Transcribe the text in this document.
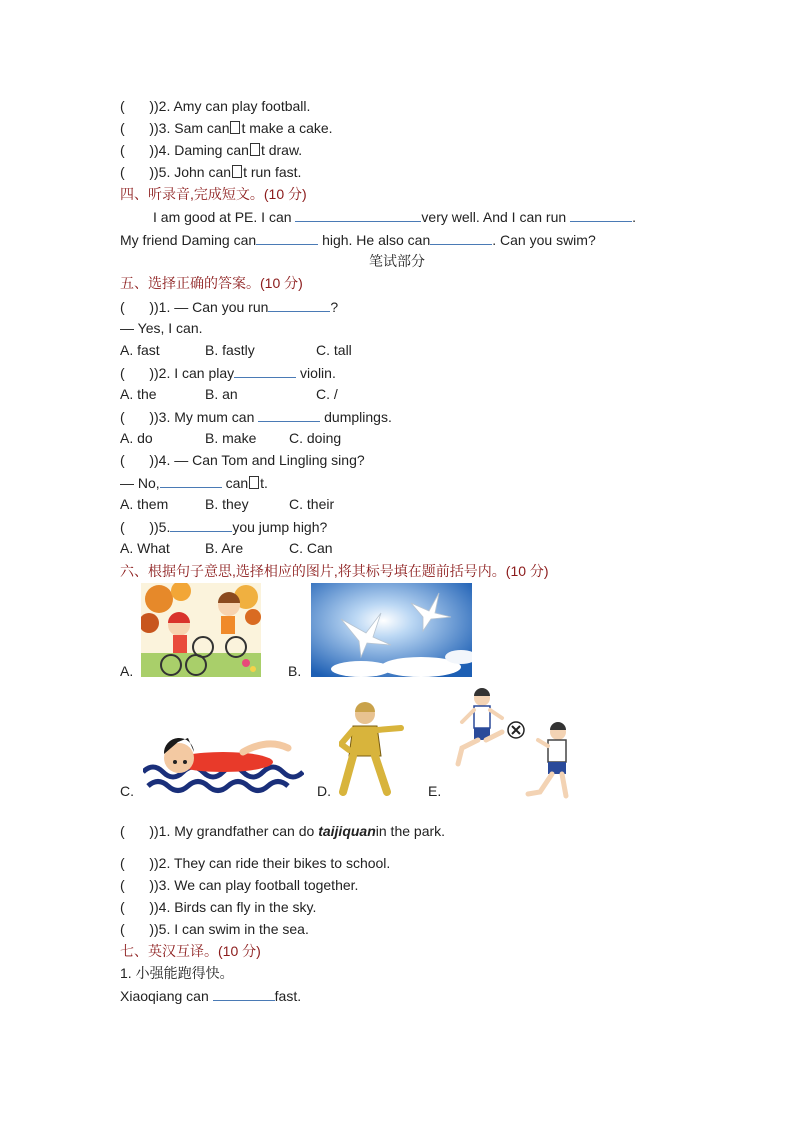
( ))2. Amy can play football.
( ))3. Sam can t make a cake.
( ))4. Daming can t draw.
( ))5. John can t run fast.
四、听录音,完成短文。(10 分)
I am good at PE. I can	very well. And I can run	.
My friend Daming can	high. He also can	. Can you swim?
笔试部分
五、选择正确的答案。(10 分)
( ))1. — Can you run	?
— Yes, I can.
A. fast	B. fastly	C. tall
( ))2. I can play	violin.
A. the	B. an	C. /
( ))3. My mum can	dumplings.
A. do	B. make C. doing
( ))4. — Can Tom and Lingling sing?
— No,	can t.
A. them	B. they	C. their
( ))5.	you jump high?
A. What	B. Are	C. Can
六、根据句子意思,选择相应的图片,将其标号填在题前括号内。(10 分)
A.	B.
C.	D.	E.
( ))1. My grandfather can do taijiquanin the park.
( ))2. They can ride their bikes to school.
( ))3. We can play football together.
( ))4. Birds can fly in the sky.
( ))5. I can swim in the sea.
七、英汉互译。(10 分)
1. 小强能跑得快。
Xiaoqiang can	fast.
